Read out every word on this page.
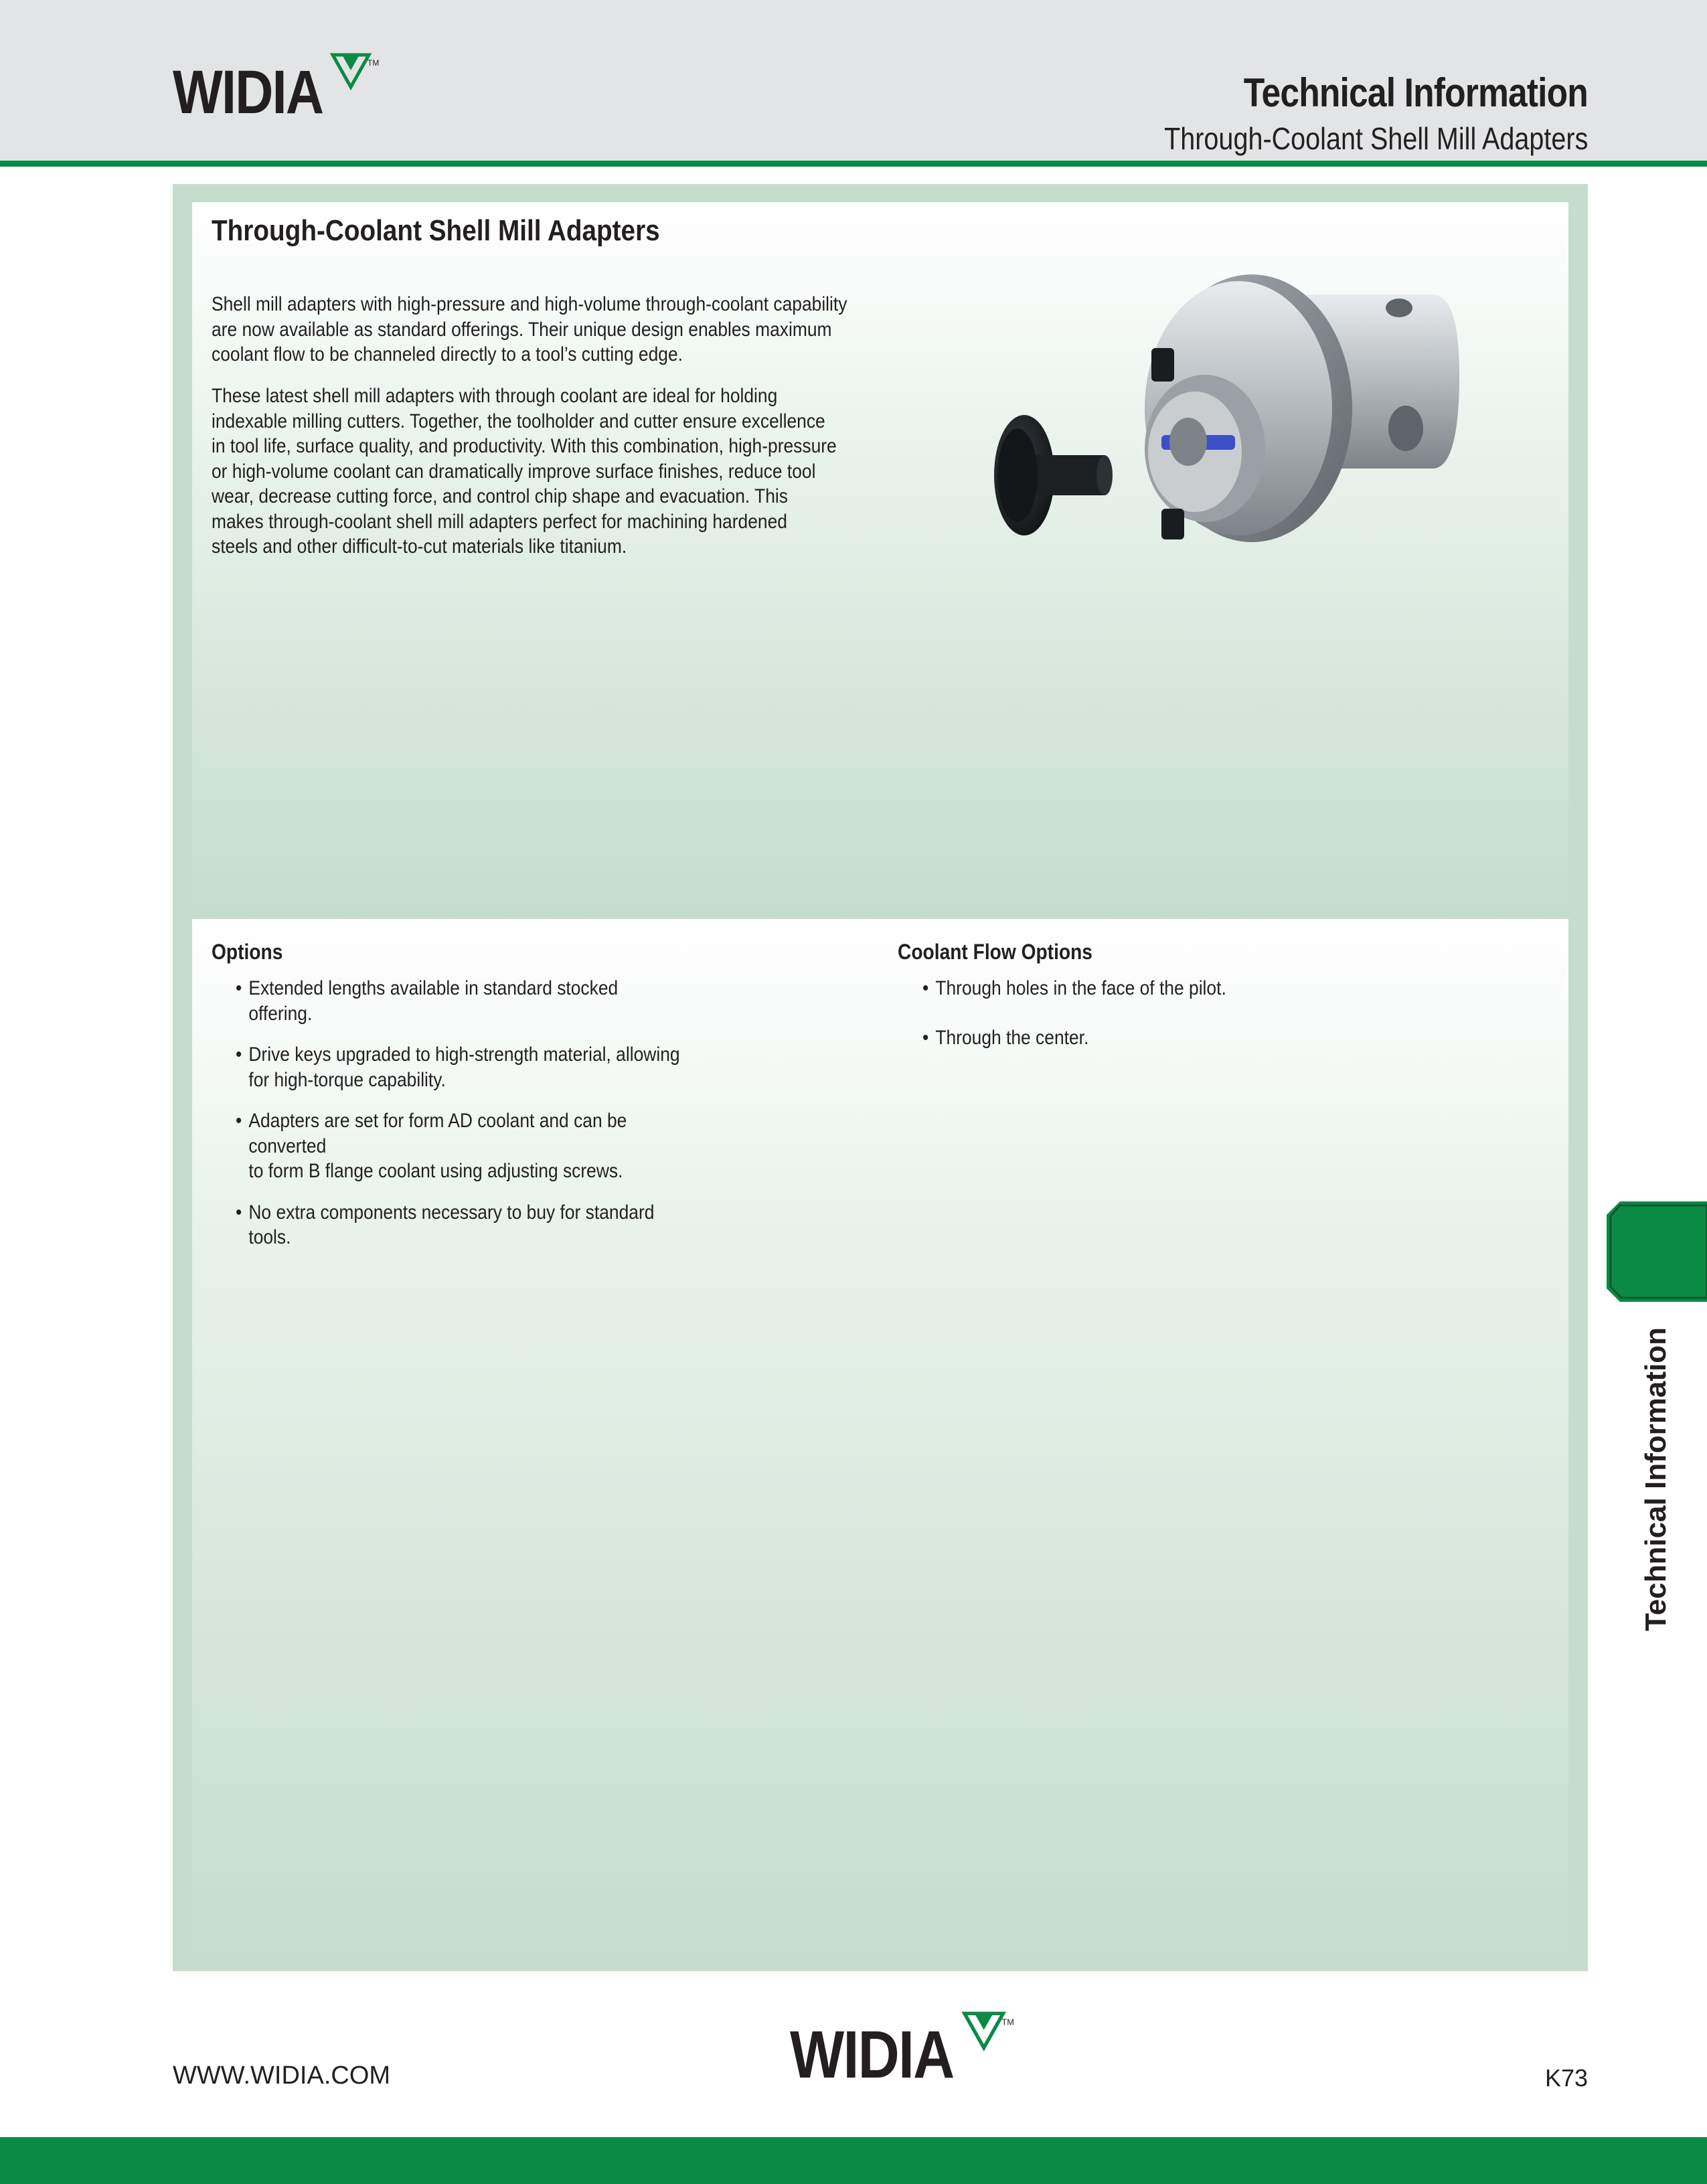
WIDIA	TM
Technical Information
Through-Coolant Shell Mill Adapters
Through-Coolant Shell Mill Adapters

Shell mill adapters with high-pressure and high-volume through-coolant capability

are now available as standard offerings. Their unique design enables maximum

coolant flow to be channeled directly to a tool’s cutting edge.

These latest shell mill adapters with through coolant are ideal for holding

indexable milling cutters. Together, the toolholder and cutter ensure excellence

in tool life, surface quality, and productivity. With this combination, high-pressure

or high-volume coolant can dramatically improve surface finishes, reduce tool

wear, decrease cutting force, and control chip shape and evacuation. This

makes through-coolant shell mill adapters perfect for machining hardened

steels and other difficult-to-cut materials like titanium.

Options
• Extended lengths available in standard stocked offering.
• Drive keys upgraded to high-strength material, allowing
for high-torque capability.
• Adapters are set for form AD coolant and can be converted
to form B flange coolant using adjusting screws.
• No extra components necessary to buy for standard tools.
Coolant Flow Options
• Through holes in the face of the pilot.
• Through the center.
Technical Information
WWW.WIDIA.COM	WIDIA	TM
K73
